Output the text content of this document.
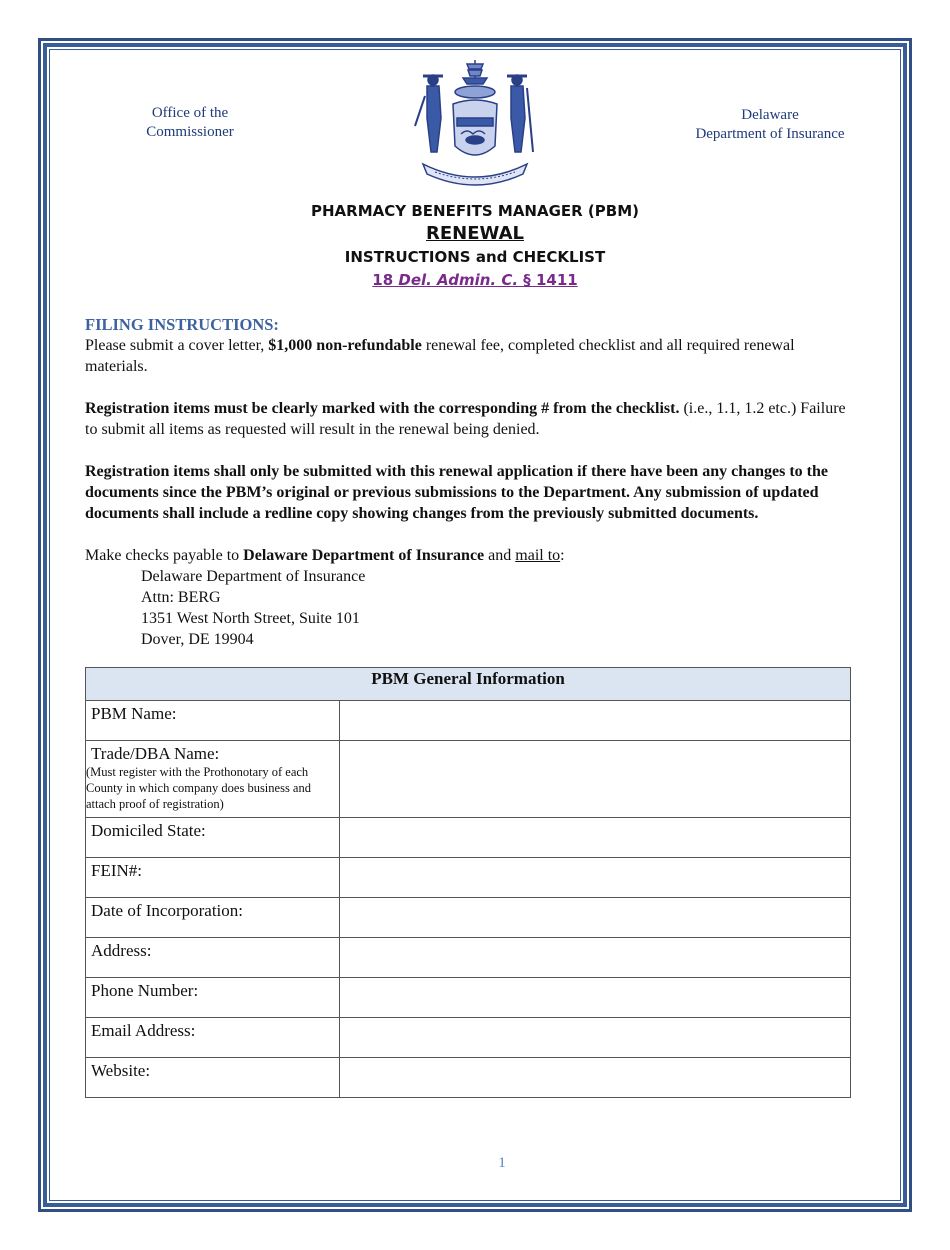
Office of the
Commissioner
Delaware
Department of Insurance
PHARMACY BENEFITS MANAGER (PBM)
RENEWAL
INSTRUCTIONS and CHECKLIST
18 Del. Admin. C. § 1411
FILING INSTRUCTIONS:

Please submit a cover letter, $1,000 non-refundable renewal fee, completed checklist and all required renewal materials.

Registration items must be clearly marked with the corresponding # from the checklist. (i.e., 1.1, 1.2 etc.) Failure to submit all items as requested will result in the renewal being denied.

Registration items shall only be submitted with this renewal application if there have been any changes to the documents since the PBM’s original or previous submissions to the Department. Any submission of updated documents shall include a redline copy showing changes from the previously submitted documents.

Make checks payable to Delaware Department of Insurance and mail to:

Delaware Department of Insurance
Attn: BERG
1351 West North Street, Suite 101
Dover, DE 19904
PBM General Information	
PBM Name:	

Trade/DBA Name:
(Must register with the Prothonotary of each County in which company does business and attach proof of registration)	

Domiciled State:	
FEIN#:	
Date of Incorporation:	
Address:	
Phone Number:	
Email Address:	
Website:	
1
